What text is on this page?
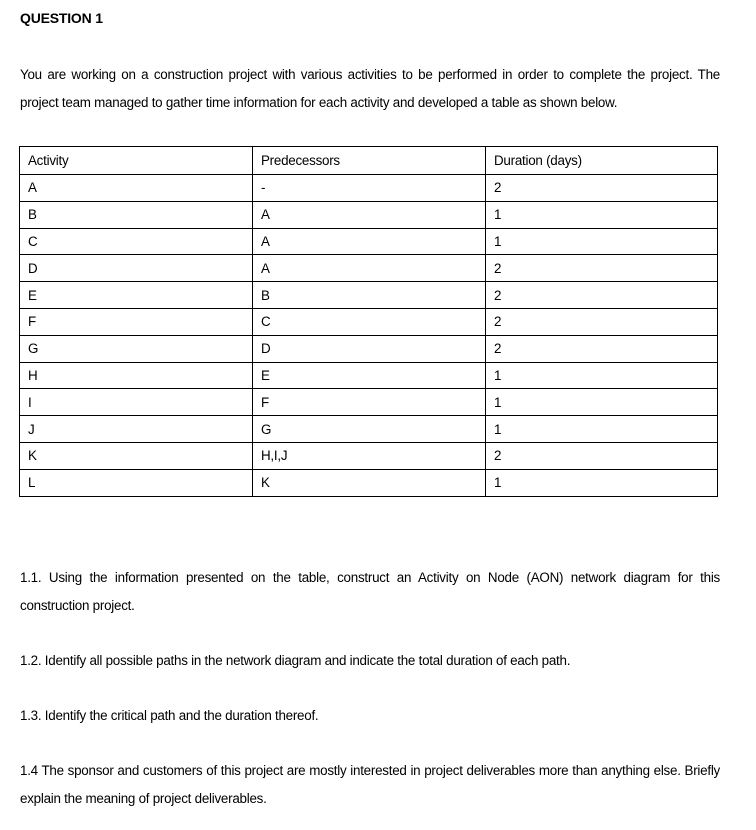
QUESTION 1

You are working on a construction project with various activities to be performed in order to complete the project. The project team managed to gather time information for each activity and developed a table as shown below.

Activity	Predecessors	Duration (days)
A	-	2
B	A	1
C	A	1
D	A	2
E	B	2
F	C	2
G	D	2
H	E	1
I	F	1
J	G	1
K	H,I,J	2
L	K	1

1.1. Using the information presented on the table, construct an Activity on Node (AON) network diagram for this construction project.

1.2. Identify all possible paths in the network diagram and indicate the total duration of each path.

1.3. Identify the critical path and the duration thereof.

1.4 The sponsor and customers of this project are mostly interested in project deliverables more than anything else. Briefly explain the meaning of project deliverables.
